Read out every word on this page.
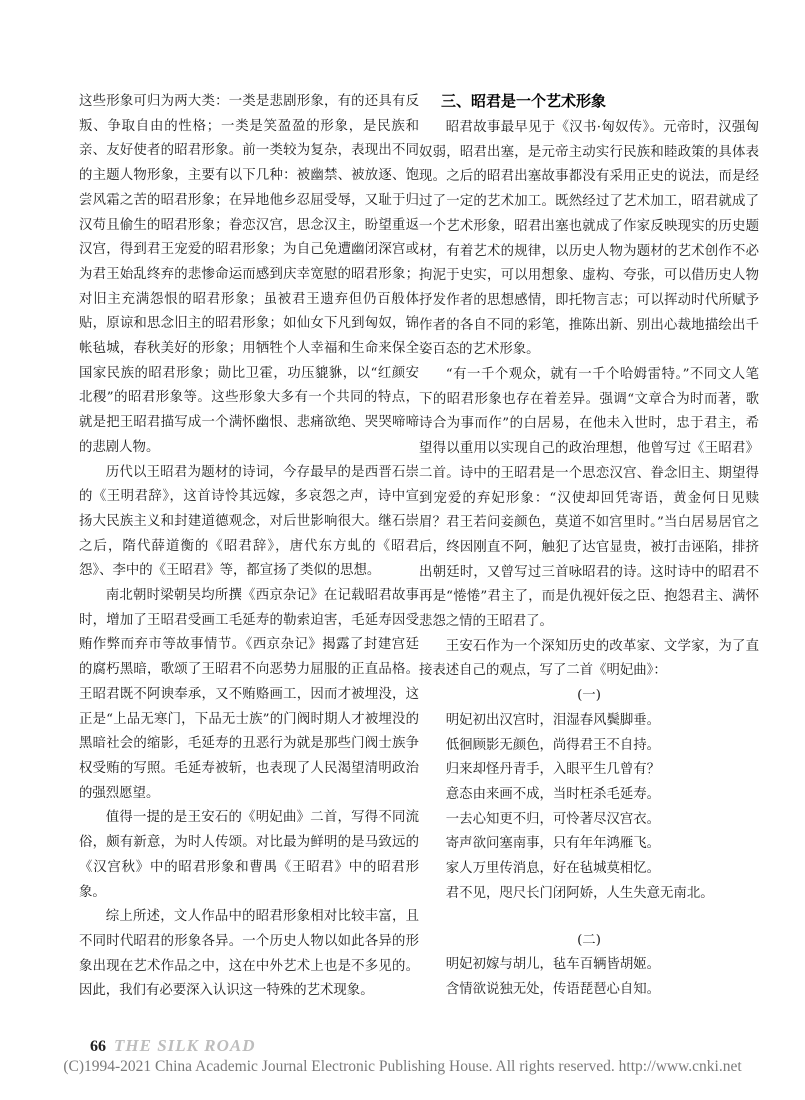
这些形象可归为两大类：一类是悲剧形象，有的还具有反叛、争取自由的性格；一类是笑盈盈的形象，是民族和亲、友好使者的昭君形象。前一类较为复杂，表现出不同的主题人物形象，主要有以下几种：被幽禁、被放逐、饱尝风霜之苦的昭君形象；在异地他乡忍屈受辱，又耻于归汉苟且偷生的昭君形象；眷恋汉宫，思念汉主，盼望重返汉宫，得到君王宠爱的昭君形象；为自己免遭幽闭深宫或为君王始乱终弃的悲惨命运而感到庆幸宽慰的昭君形象；对旧主充满怨恨的昭君形象；虽被君王遗弃但仍百般体贴，原谅和思念旧主的昭君形象；如仙女下凡到匈奴，锦帐毡城，春秋美好的形象；用牺牲个人幸福和生命来保全国家民族的昭君形象；勋比卫霍，功压貔貅，以“红颜安北稷”的昭君形象等。这些形象大多有一个共同的特点，就是把王昭君描写成一个满怀幽恨、悲痛欲绝、哭哭啼啼的悲剧人物。

历代以王昭君为题材的诗词，今存最早的是西晋石崇的《王明君辞》，这首诗怜其远嫁，多哀怨之声，诗中宣扬大民族主义和封建道德观念，对后世影响很大。继石崇之后，隋代薛道衡的《昭君辞》，唐代东方虬的《昭君怨》、李中的《王昭君》等，都宣扬了类似的思想。

南北朝时梁朝吴均所撰《西京杂记》在记载昭君故事时，增加了王昭君受画工毛延寿的勒索迫害，毛延寿因受贿作弊而弃市等故事情节。《西京杂记》揭露了封建宫廷的腐朽黑暗，歌颂了王昭君不向恶势力屈服的正直品格。王昭君既不阿谀奉承，又不贿赂画工，因而才被埋没，这正是“上品无寒门，下品无士族”的门阀时期人才被埋没的黑暗社会的缩影，毛延寿的丑恶行为就是那些门阀士族争权受贿的写照。毛延寿被斩，也表现了人民渴望清明政治的强烈愿望。

值得一提的是王安石的《明妃曲》二首，写得不同流俗，颇有新意，为时人传颂。对比最为鲜明的是马致远的《汉宫秋》中的昭君形象和曹禺《王昭君》中的昭君形象。

综上所述，文人作品中的昭君形象相对比较丰富，且不同时代昭君的形象各异。一个历史人物以如此各异的形象出现在艺术作品之中，这在中外艺术上也是不多见的。因此，我们有必要深入认识这一特殊的艺术现象。

三、昭君是一个艺术形象

昭君故事最早见于《汉书·匈奴传》。元帝时，汉强匈奴弱，昭君出塞，是元帝主动实行民族和睦政策的具体表现。之后的昭君出塞故事都没有采用正史的说法，而是经过了一定的艺术加工。既然经过了艺术加工，昭君就成了一个艺术形象，昭君出塞也就成了作家反映现实的历史题材，有着艺术的规律，以历史人物为题材的艺术创作不必拘泥于史实，可以用想象、虚构、夸张，可以借历史人物抒发作者的思想感情，即托物言志；可以挥动时代所赋予作者的各自不同的彩笔，推陈出新、别出心裁地描绘出千姿百态的艺术形象。

“有一千个观众，就有一千个哈姆雷特。”不同文人笔下的昭君形象也存在着差异。强调“文章合为时而著，歌诗合为事而作”的白居易，在他未入世时，忠于君主，希望得以重用以实现自己的政治理想，他曾写过《王昭君》二首。诗中的王昭君是一个思恋汉宫、眷念旧主、期望得到宠爱的弃妃形象：“汉使却回凭寄语，黄金何日见赎眉？君王若问妾颜色，莫道不如宫里时。”当白居易居官之后，终因刚直不阿，触犯了达官显贵，被打击诬陷，排挤出朝廷时，又曾写过三首咏昭君的诗。这时诗中的昭君不再是“惓惓”君主了，而是仇视奸佞之臣、抱怨君主、满怀悲怨之情的王昭君了。

王安石作为一个深知历史的改革家、文学家，为了直接表述自己的观点，写了二首《明妃曲》：

(一)

明妃初出汉宫时，泪湿春风鬓脚垂。

低徊顾影无颜色，尚得君王不自持。

归来却怪丹青手，入眼平生几曾有？

意态由来画不成，当时枉杀毛延寿。

一去心知更不归，可怜著尽汉宫衣。

寄声欲问塞南事，只有年年鸿雁飞。

家人万里传消息，好在毡城莫相忆。

君不见，咫尺长门闭阿娇，人生失意无南北。

(二)

明妃初嫁与胡儿，毡车百辆皆胡姬。

含情欲说独无处，传语琵琶心自知。

66 THE SILK ROAD
(C)1994-2021 China Academic Journal Electronic Publishing House. All rights reserved. http://www.cnki.net
